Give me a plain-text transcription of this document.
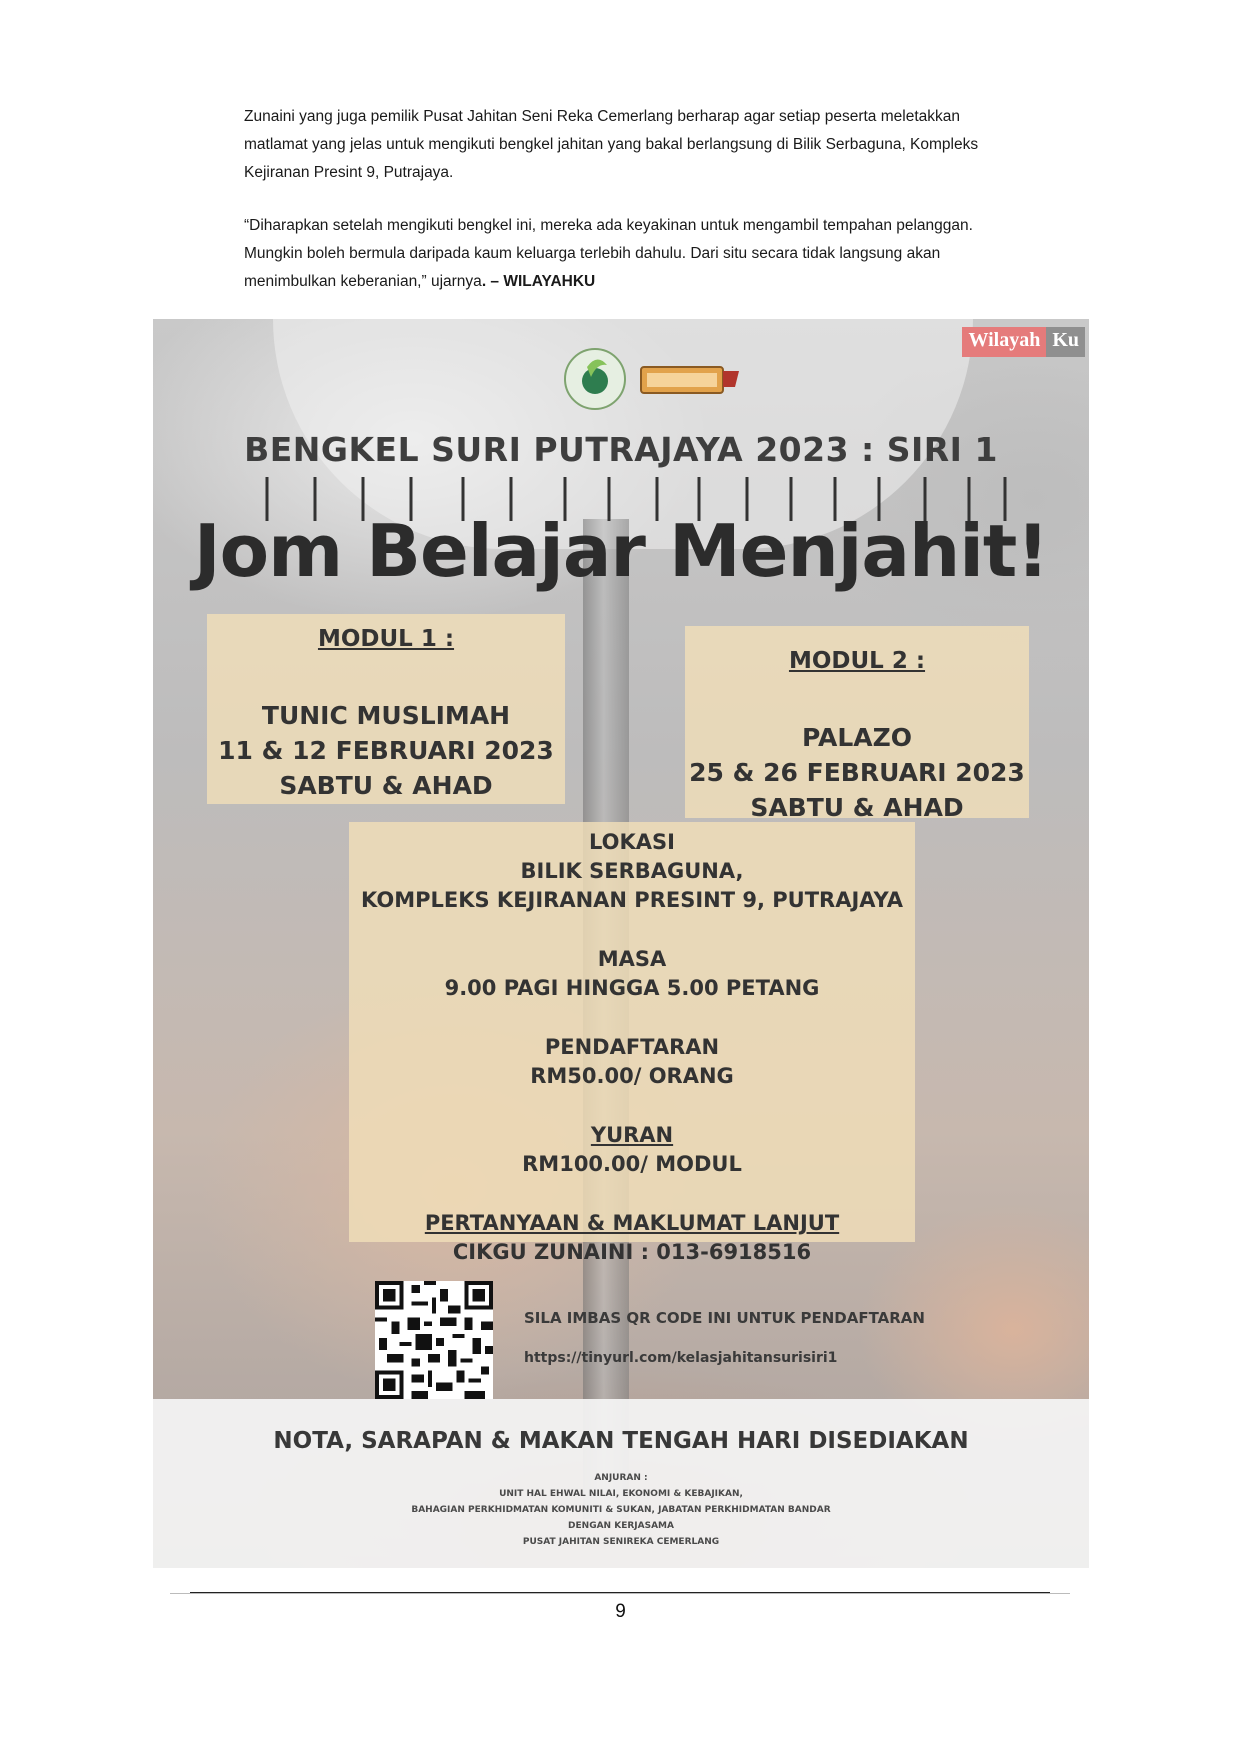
Zunaini yang juga pemilik Pusat Jahitan Seni Reka Cemerlang berharap agar setiap peserta meletakkan matlamat yang jelas untuk mengikuti bengkel jahitan yang bakal berlangsung di Bilik Serbaguna, Kompleks Kejiranan Presint 9, Putrajaya.
“Diharapkan setelah mengikuti bengkel ini, mereka ada keyakinan untuk mengambil tempahan pelanggan. Mungkin boleh bermula daripada kaum keluarga terlebih dahulu. Dari situ secara tidak langsung akan menimbulkan keberanian,” ujarnya. – WILAYAHKU
Wilayah Ku
BENGKEL SURI PUTRAJAYA 2023 : SIRI 1
Jom Belajar Menjahit!
MODUL 1 :
TUNIC MUSLIMAH
11 & 12 FEBRUARI 2023
SABTU & AHAD
MODUL 2 :
PALAZO
25 & 26 FEBRUARI 2023
SABTU & AHAD
LOKASI
BILIK SERBAGUNA,
KOMPLEKS KEJIRANAN PRESINT 9, PUTRAJAYA
MASA
9.00 PAGI HINGGA 5.00 PETANG
PENDAFTARAN
RM50.00/ ORANG
YURAN
RM100.00/ MODUL
PERTANYAAN & MAKLUMAT LANJUT
CIKGU ZUNAINI : 013-6918516
SILA IMBAS QR CODE INI UNTUK PENDAFTARAN
https://tinyurl.com/kelasjahitansurisiri1
NOTA, SARAPAN & MAKAN TENGAH HARI DISEDIAKAN
ANJURAN :
UNIT HAL EHWAL NILAI, EKONOMI & KEBAJIKAN,
BAHAGIAN PERKHIDMATAN KOMUNITI & SUKAN, JABATAN PERKHIDMATAN BANDAR
DENGAN KERJASAMA
PUSAT JAHITAN SENIREKA CEMERLANG
9
